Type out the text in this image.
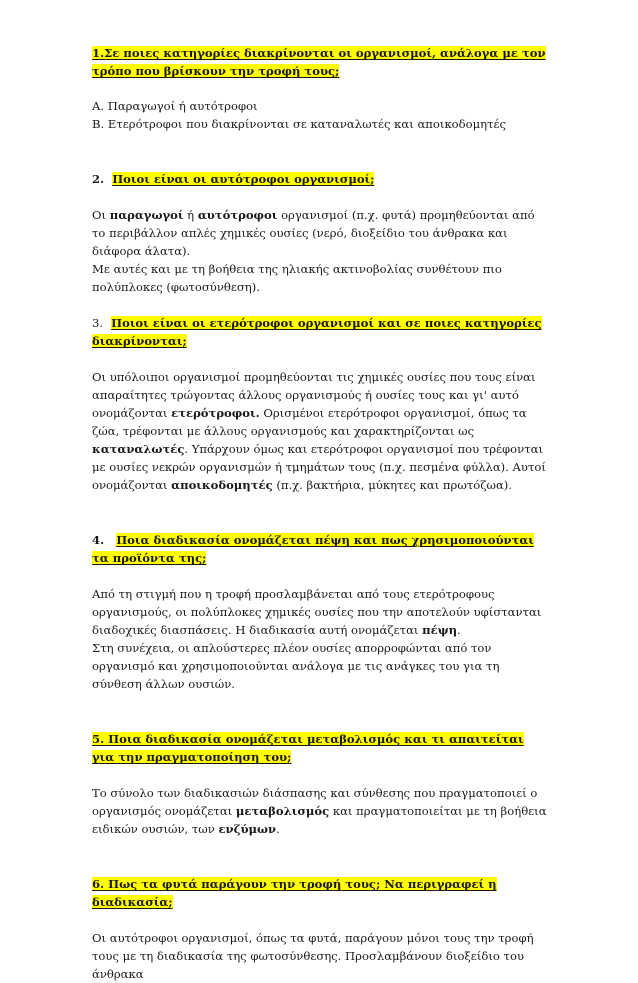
1.Σε ποιες κατηγορίες διακρίνονται οι οργανισμοί, ανάλογα με τον τρόπο που βρίσκουν την τροφή τους;

Α. Παραγωγοί ή αυτότροφοι

Β. Ετερότροφοι που διακρίνονται σε καταναλωτές και αποικοδομητές

2. Ποιοι είναι οι αυτότροφοι οργανισμοί;

Οι παραγωγοί ή αυτότροφοι οργανισμοί (π.χ. φυτά) προμηθεύονται από το περιβάλλον απλές χημικές ουσίες (νερό, διοξείδιο του άνθρακα και διάφορα άλατα).

Με αυτές και με τη βοήθεια της ηλιακής ακτινοβολίας συνθέτουν πιο πολύπλοκες (φωτοσύνθεση).

3. Ποιοι είναι οι ετερότροφοι οργανισμοί και σε ποιες κατηγορίες διακρίνονται;

Οι υπόλοιποι οργανισμοί προμηθεύονται τις χημικές ουσίες που τους είναι απαραίτητες τρώγοντας άλλους οργανισμούς ή ουσίες τους και γι' αυτό ονομάζονται ετερότροφοι. Ορισμένοι ετερότροφοι οργανισμοί, όπως τα ζώα, τρέφονται με άλλους οργανισμούς και χαρακτηρίζονται ως καταναλωτές. Υπάρχουν όμως και ετερότροφοι οργανισμοί που τρέφονται με ουσίες νεκρών οργανισμών ή τμημάτων τους (π.χ. πεσμένα φύλλα). Αυτοί ονομάζονται αποικοδομητές (π.χ. βακτήρια, μύκητες και πρωτόζωα).

4. Ποια διαδικασία ονομάζεται πέψη και πως χρησιμοποιούνται τα προϊόντα της;

Από τη στιγμή που η τροφή προσλαμβάνεται από τους ετερότροφους οργανισμούς, οι πολύπλοκες χημικές ουσίες που την αποτελούν υφίστανται διαδοχικές διασπάσεις. Η διαδικασία αυτή ονομάζεται πέψη.

Στη συνέχεια, οι απλούστερες πλέον ουσίες απορροφώνται από τον οργανισμό και χρησιμοποιούνται ανάλογα με τις ανάγκες του για τη σύνθεση άλλων ουσιών.

5. Ποια διαδικασία ονομάζεται μεταβολισμός και τι απαιτείται για την πραγματοποίηση του;

Το σύνολο των διαδικασιών διάσπασης και σύνθεσης που πραγματοποιεί ο οργανισμός ονομάζεται μεταβολισμός και πραγματοποιείται με τη βοήθεια ειδικών ουσιών, των ενζύμων.

6. Πως τα φυτά παράγουν την τροφή τους; Να περιγραφεί η διαδικασία;

Οι αυτότροφοι οργανισμοί, όπως τα φυτά, παράγουν μόνοι τους την τροφή τους με τη διαδικασία της φωτοσύνθεσης. Προσλαμβάνουν διοξείδιο του άνθρακα
